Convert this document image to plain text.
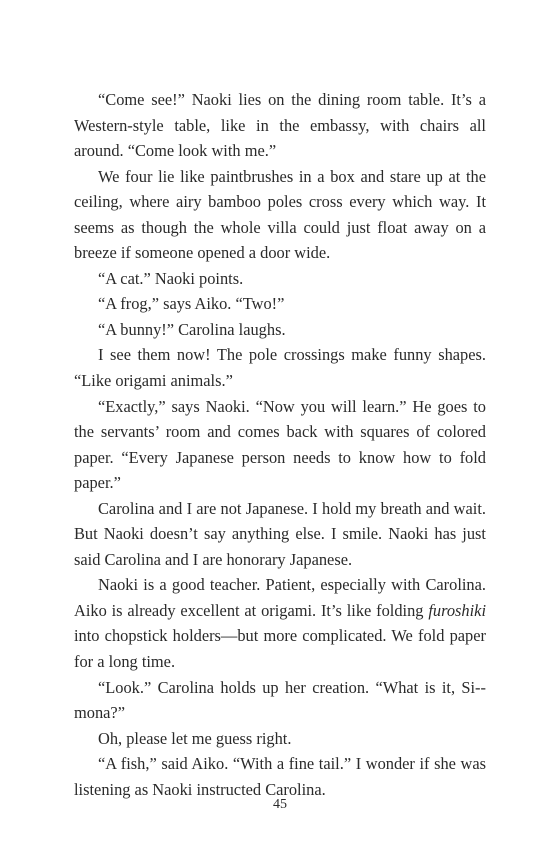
“Come see!” Naoki lies on the dining room table. It’s a Western-style table, like in the embassy, with chairs all around. “Come look with me.”

We four lie like paintbrushes in a box and stare up at the ceiling, where airy bamboo poles cross every which way. It seems as though the whole villa could just float away on a breeze if someone opened a door wide.

“A cat.” Naoki points.

“A frog,” says Aiko. “Two!”

“A bunny!” Carolina laughs.

I see them now! The pole crossings make funny shapes. “Like origami animals.”

“Exactly,” says Naoki. “Now you will learn.” He goes to the servants’ room and comes back with squares of colored paper. “Every Japanese person needs to know how to fold paper.”

Carolina and I are not Japanese. I hold my breath and wait. But Naoki doesn’t say anything else. I smile. Naoki has just said Carolina and I are honorary Japanese.

Naoki is a good teacher. Patient, especially with Carolina. Aiko is already excellent at origami. It’s like folding furoshiki into chopstick holders—but more complicated. We fold paper for a long time.

“Look.” Carolina holds up her creation. “What is it, Si-mona?”

Oh, please let me guess right.

“A fish,” said Aiko. “With a fine tail.” I wonder if she was listening as Naoki instructed Carolina.

45
